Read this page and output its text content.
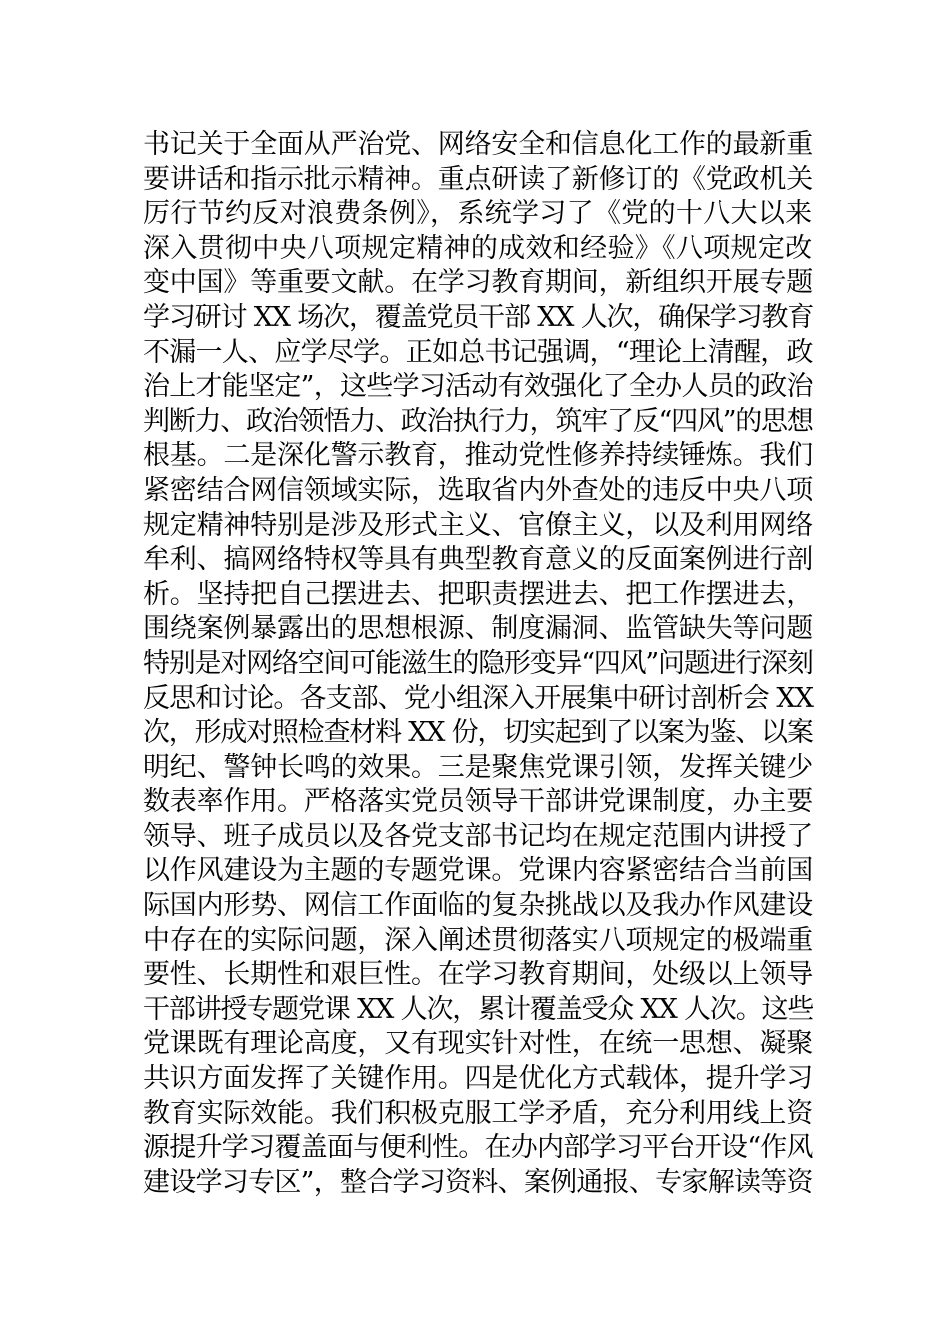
书记关于全面从严治党、网络安全和信息化工作的最新重
要讲话和指示批示精神。重点研读了新修订的《党政机关
厉行节约反对浪费条例》，系统学习了《党的十八大以来
深入贯彻中央八项规定精神的成效和经验》《八项规定改
变中国》等重要文献。在学习教育期间，新组织开展专题
学习研讨 XX 场次，覆盖党员干部 XX 人次，确保学习教育
不漏一人、应学尽学。正如总书记强调，“理论上清醒，政
治上才能坚定”，这些学习活动有效强化了全办人员的政治
判断力、政治领悟力、政治执行力，筑牢了反“四风”的思想
根基。二是深化警示教育，推动党性修养持续锤炼。我们
紧密结合网信领域实际，选取省内外查处的违反中央八项
规定精神特别是涉及形式主义、官僚主义，以及利用网络
牟利、搞网络特权等具有典型教育意义的反面案例进行剖
析。坚持把自己摆进去、把职责摆进去、把工作摆进去，
围绕案例暴露出的思想根源、制度漏洞、监管缺失等问题
特别是对网络空间可能滋生的隐形变异“四风”问题进行深刻
反思和讨论。各支部、党小组深入开展集中研讨剖析会 XX
次，形成对照检查材料 XX 份，切实起到了以案为鉴、以案
明纪、警钟长鸣的效果。三是聚焦党课引领，发挥关键少
数表率作用。严格落实党员领导干部讲党课制度，办主要
领导、班子成员以及各党支部书记均在规定范围内讲授了
以作风建设为主题的专题党课。党课内容紧密结合当前国
际国内形势、网信工作面临的复杂挑战以及我办作风建设
中存在的实际问题，深入阐述贯彻落实八项规定的极端重
要性、长期性和艰巨性。在学习教育期间，处级以上领导
干部讲授专题党课 XX 人次，累计覆盖受众 XX 人次。这些
党课既有理论高度，又有现实针对性，在统一思想、凝聚
共识方面发挥了关键作用。四是优化方式载体，提升学习
教育实际效能。我们积极克服工学矛盾，充分利用线上资
源提升学习覆盖面与便利性。在办内部学习平台开设“作风
建设学习专区”，整合学习资料、案例通报、专家解读等资
